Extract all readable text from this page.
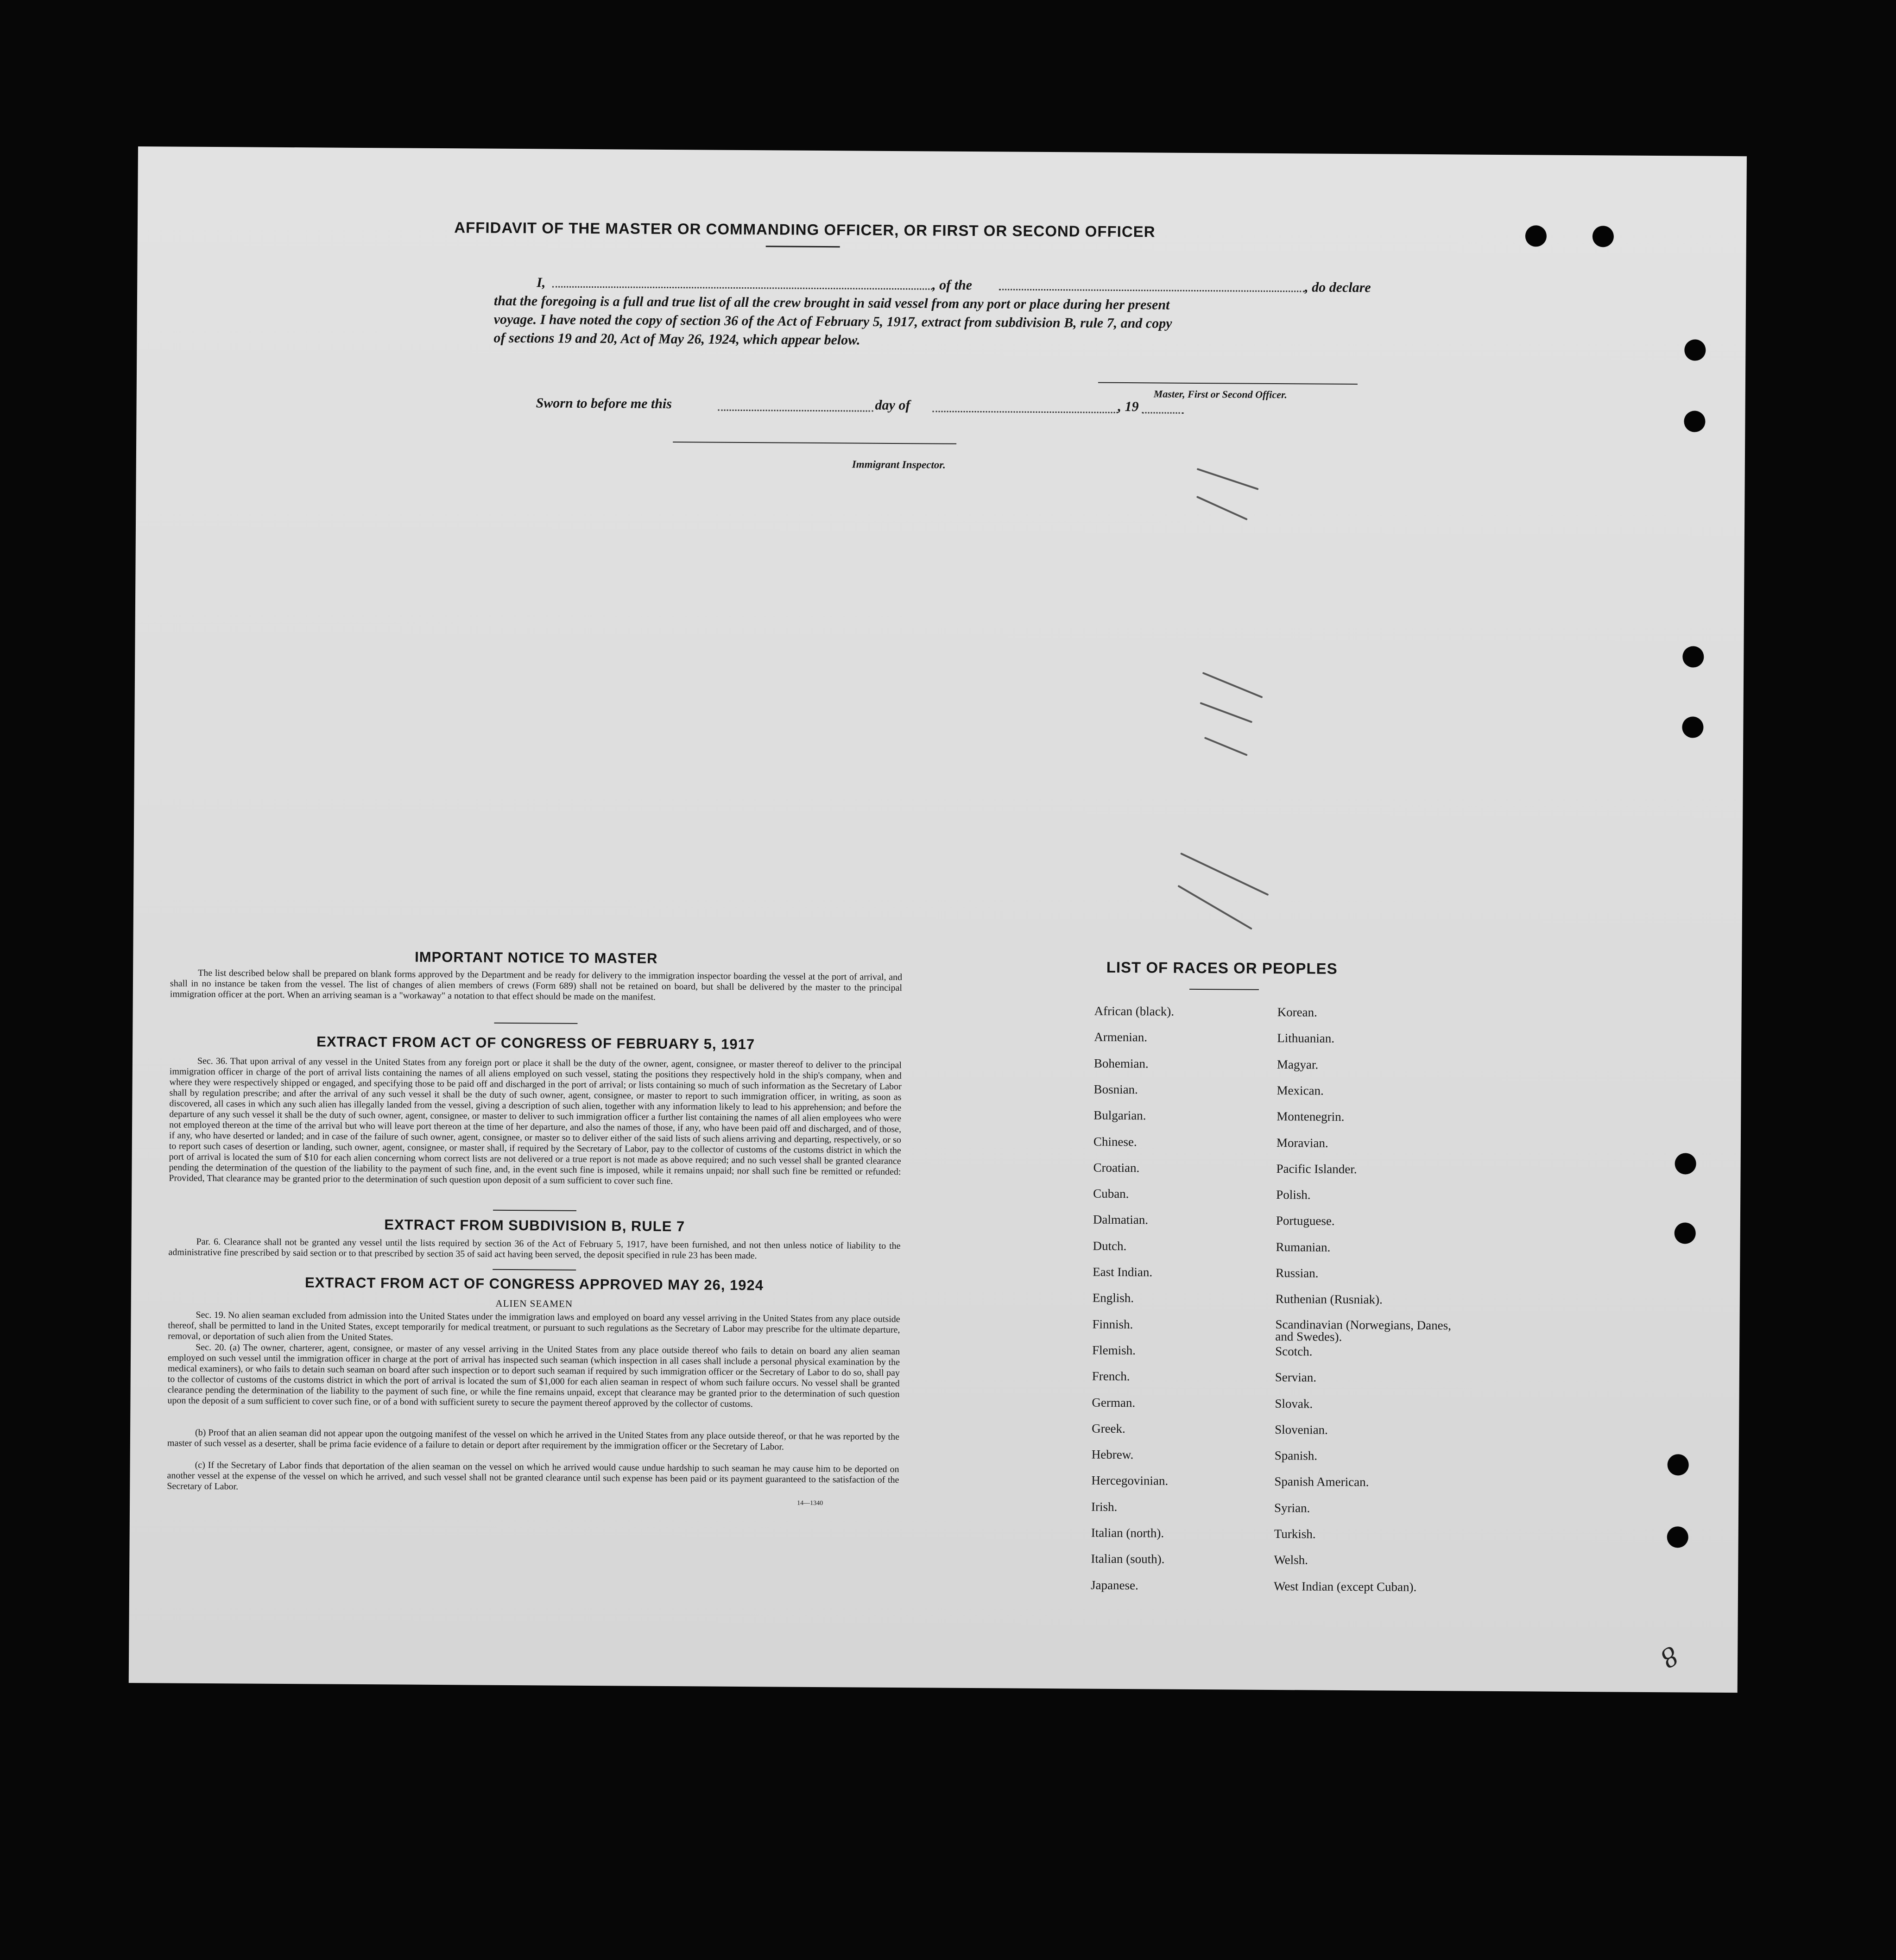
AFFIDAVIT OF THE MASTER OR COMMANDING OFFICER, OR FIRST OR SECOND OFFICER
I,	, of the	, do declare
that the foregoing is a full and true list of all the crew brought in said vessel from any port or place during her present
voyage. I have noted the copy of section 36 of the Act of February 5, 1917, extract from subdivision B, rule 7, and copy
of sections 19 and 20, Act of May 26, 1924, which appear below.
Master, First or Second Officer.
Sworn to before me this	day of	, 19
Immigrant Inspector.
IMPORTANT NOTICE TO MASTER
The list described below shall be prepared on blank forms approved by the Department and be ready for delivery to the immigration inspector boarding the vessel at the port of arrival, and shall in no instance be taken from the vessel. The list of changes of alien members of crews (Form 689) shall not be retained on board, but shall be delivered by the master to the principal immigration officer at the port. When an arriving seaman is a "workaway" a notation to that effect should be made on the manifest.
EXTRACT FROM ACT OF CONGRESS OF FEBRUARY 5, 1917
Sec. 36. That upon arrival of any vessel in the United States from any foreign port or place it shall be the duty of the owner, agent, consignee, or master thereof to deliver to the principal immigration officer in charge of the port of arrival lists containing the names of all aliens employed on such vessel, stating the positions they respectively hold in the ship's company, when and where they were respectively shipped or engaged, and specifying those to be paid off and discharged in the port of arrival; or lists containing so much of such information as the Secretary of Labor shall by regulation prescribe; and after the arrival of any such vessel it shall be the duty of such owner, agent, consignee, or master to report to such immigration officer, in writing, as soon as discovered, all cases in which any such alien has illegally landed from the vessel, giving a description of such alien, together with any information likely to lead to his apprehension; and before the departure of any such vessel it shall be the duty of such owner, agent, consignee, or master to deliver to such immigration officer a further list containing the names of all alien employees who were not employed thereon at the time of the arrival but who will leave port thereon at the time of her departure, and also the names of those, if any, who have been paid off and discharged, and of those, if any, who have deserted or landed; and in case of the failure of such owner, agent, consignee, or master so to deliver either of the said lists of such aliens arriving and departing, respectively, or so to report such cases of desertion or landing, such owner, agent, consignee, or master shall, if required by the Secretary of Labor, pay to the collector of customs of the customs district in which the port of arrival is located the sum of $10 for each alien concerning whom correct lists are not delivered or a true report is not made as above required; and no such vessel shall be granted clearance pending the determination of the question of the liability to the payment of such fine, and, in the event such fine is imposed, while it remains unpaid; nor shall such fine be remitted or refunded: Provided, That clearance may be granted prior to the determination of such question upon deposit of a sum sufficient to cover such fine.
EXTRACT FROM SUBDIVISION B, RULE 7
Par. 6. Clearance shall not be granted any vessel until the lists required by section 36 of the Act of February 5, 1917, have been furnished, and not then unless notice of liability to the administrative fine prescribed by said section or to that prescribed by section 35 of said act having been served, the deposit specified in rule 23 has been made.
EXTRACT FROM ACT OF CONGRESS APPROVED MAY 26, 1924
ALIEN SEAMEN
Sec. 19. No alien seaman excluded from admission into the United States under the immigration laws and employed on board any vessel arriving in the United States from any place outside thereof, shall be permitted to land in the United States, except temporarily for medical treatment, or pursuant to such regulations as the Secretary of Labor may prescribe for the ultimate departure, removal, or deportation of such alien from the United States.
Sec. 20. (a) The owner, charterer, agent, consignee, or master of any vessel arriving in the United States from any place outside thereof who fails to detain on board any alien seaman employed on such vessel until the immigration officer in charge at the port of arrival has inspected such seaman (which inspection in all cases shall include a personal physical examination by the medical examiners), or who fails to detain such seaman on board after such inspection or to deport such seaman if required by such immigration officer or the Secretary of Labor to do so, shall pay to the collector of customs of the customs district in which the port of arrival is located the sum of $1,000 for each alien seaman in respect of whom such failure occurs. No vessel shall be granted clearance pending the determination of the liability to the payment of such fine, or while the fine remains unpaid, except that clearance may be granted prior to the determination of such question upon the deposit of a sum sufficient to cover such fine, or of a bond with sufficient surety to secure the payment thereof approved by the collector of customs.
(b) Proof that an alien seaman did not appear upon the outgoing manifest of the vessel on which he arrived in the United States from any place outside thereof, or that he was reported by the master of such vessel as a deserter, shall be prima facie evidence of a failure to detain or deport after requirement by the immigration officer or the Secretary of Labor.
(c) If the Secretary of Labor finds that deportation of the alien seaman on the vessel on which he arrived would cause undue hardship to such seaman he may cause him to be deported on another vessel at the expense of the vessel on which he arrived, and such vessel shall not be granted clearance until such expense has been paid or its payment guaranteed to the satisfaction of the Secretary of Labor.
14—1340
LIST OF RACES OR PEOPLES
African (black).
Armenian.
Bohemian.
Bosnian.
Bulgarian.
Chinese.
Croatian.
Cuban.
Dalmatian.
Dutch.
East Indian.
English.
Finnish.
Flemish.
French.
German.
Greek.
Hebrew.
Hercegovinian.
Irish.
Italian (north).
Italian (south).
Japanese.
Korean.
Lithuanian.
Magyar.
Mexican.
Montenegrin.
Moravian.
Pacific Islander.
Polish.
Portuguese.
Rumanian.
Russian.
Ruthenian (Rusniak).
Scandinavian (Norwegians, Danes, and Swedes).
Scotch.
Servian.
Slovak.
Slovenian.
Spanish.
Spanish American.
Syrian.
Turkish.
Welsh.
West Indian (except Cuban).
8
